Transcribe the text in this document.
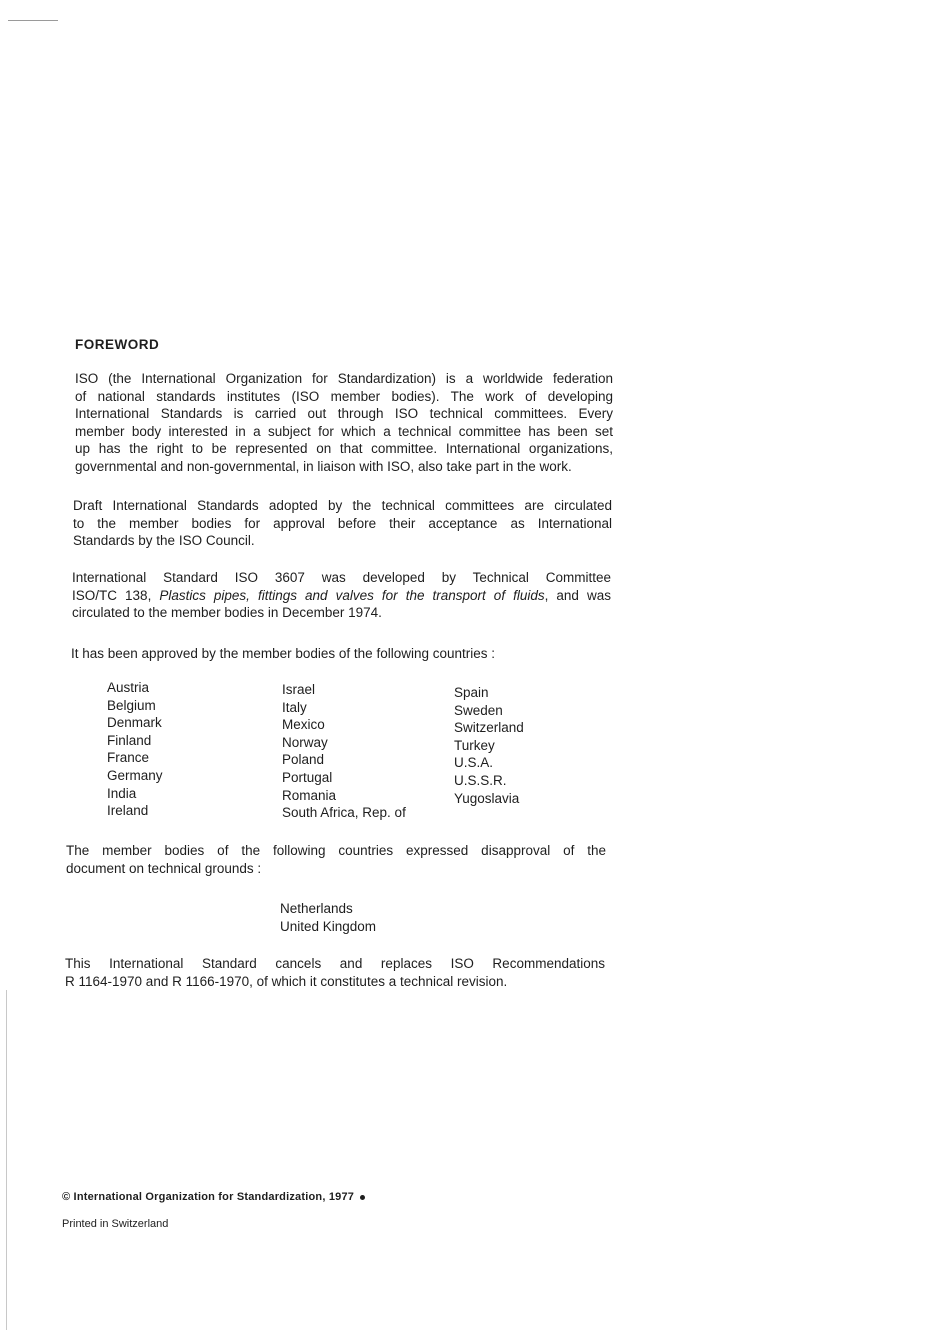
FOREWORD

ISO (the International Organization for Standardization) is a worldwide federation
of national standards institutes (ISO member bodies). The work of developing
International Standards is carried out through ISO technical committees. Every
member body interested in a subject for which a technical committee has been set
up has the right to be represented on that committee. International organizations,
governmental and non-governmental, in liaison with ISO, also take part in the work.

Draft International Standards adopted by the technical committees are circulated
to the member bodies for approval before their acceptance as International
Standards by the ISO Council.

International Standard ISO 3607 was developed by Technical Committee
ISO/TC 138, Plastics pipes, fittings and valves for the transport of fluids, and was
circulated to the member bodies in December 1974.

It has been approved by the member bodies of the following countries :

Austria
Belgium
Denmark
Finland
France
Germany
India
Ireland
Israel
Italy
Mexico
Norway
Poland
Portugal
Romania
South Africa, Rep. of
Spain
Sweden
Switzerland
Turkey
U.S.A.
U.S.S.R.
Yugoslavia

The member bodies of the following countries expressed disapproval of the
document on technical grounds :

Netherlands
United Kingdom

This International Standard cancels and replaces ISO Recommendations
R 1164-1970 and R 1166-1970, of which it constitutes a technical revision.

© International Organization for Standardization, 1977
Printed in Switzerland
